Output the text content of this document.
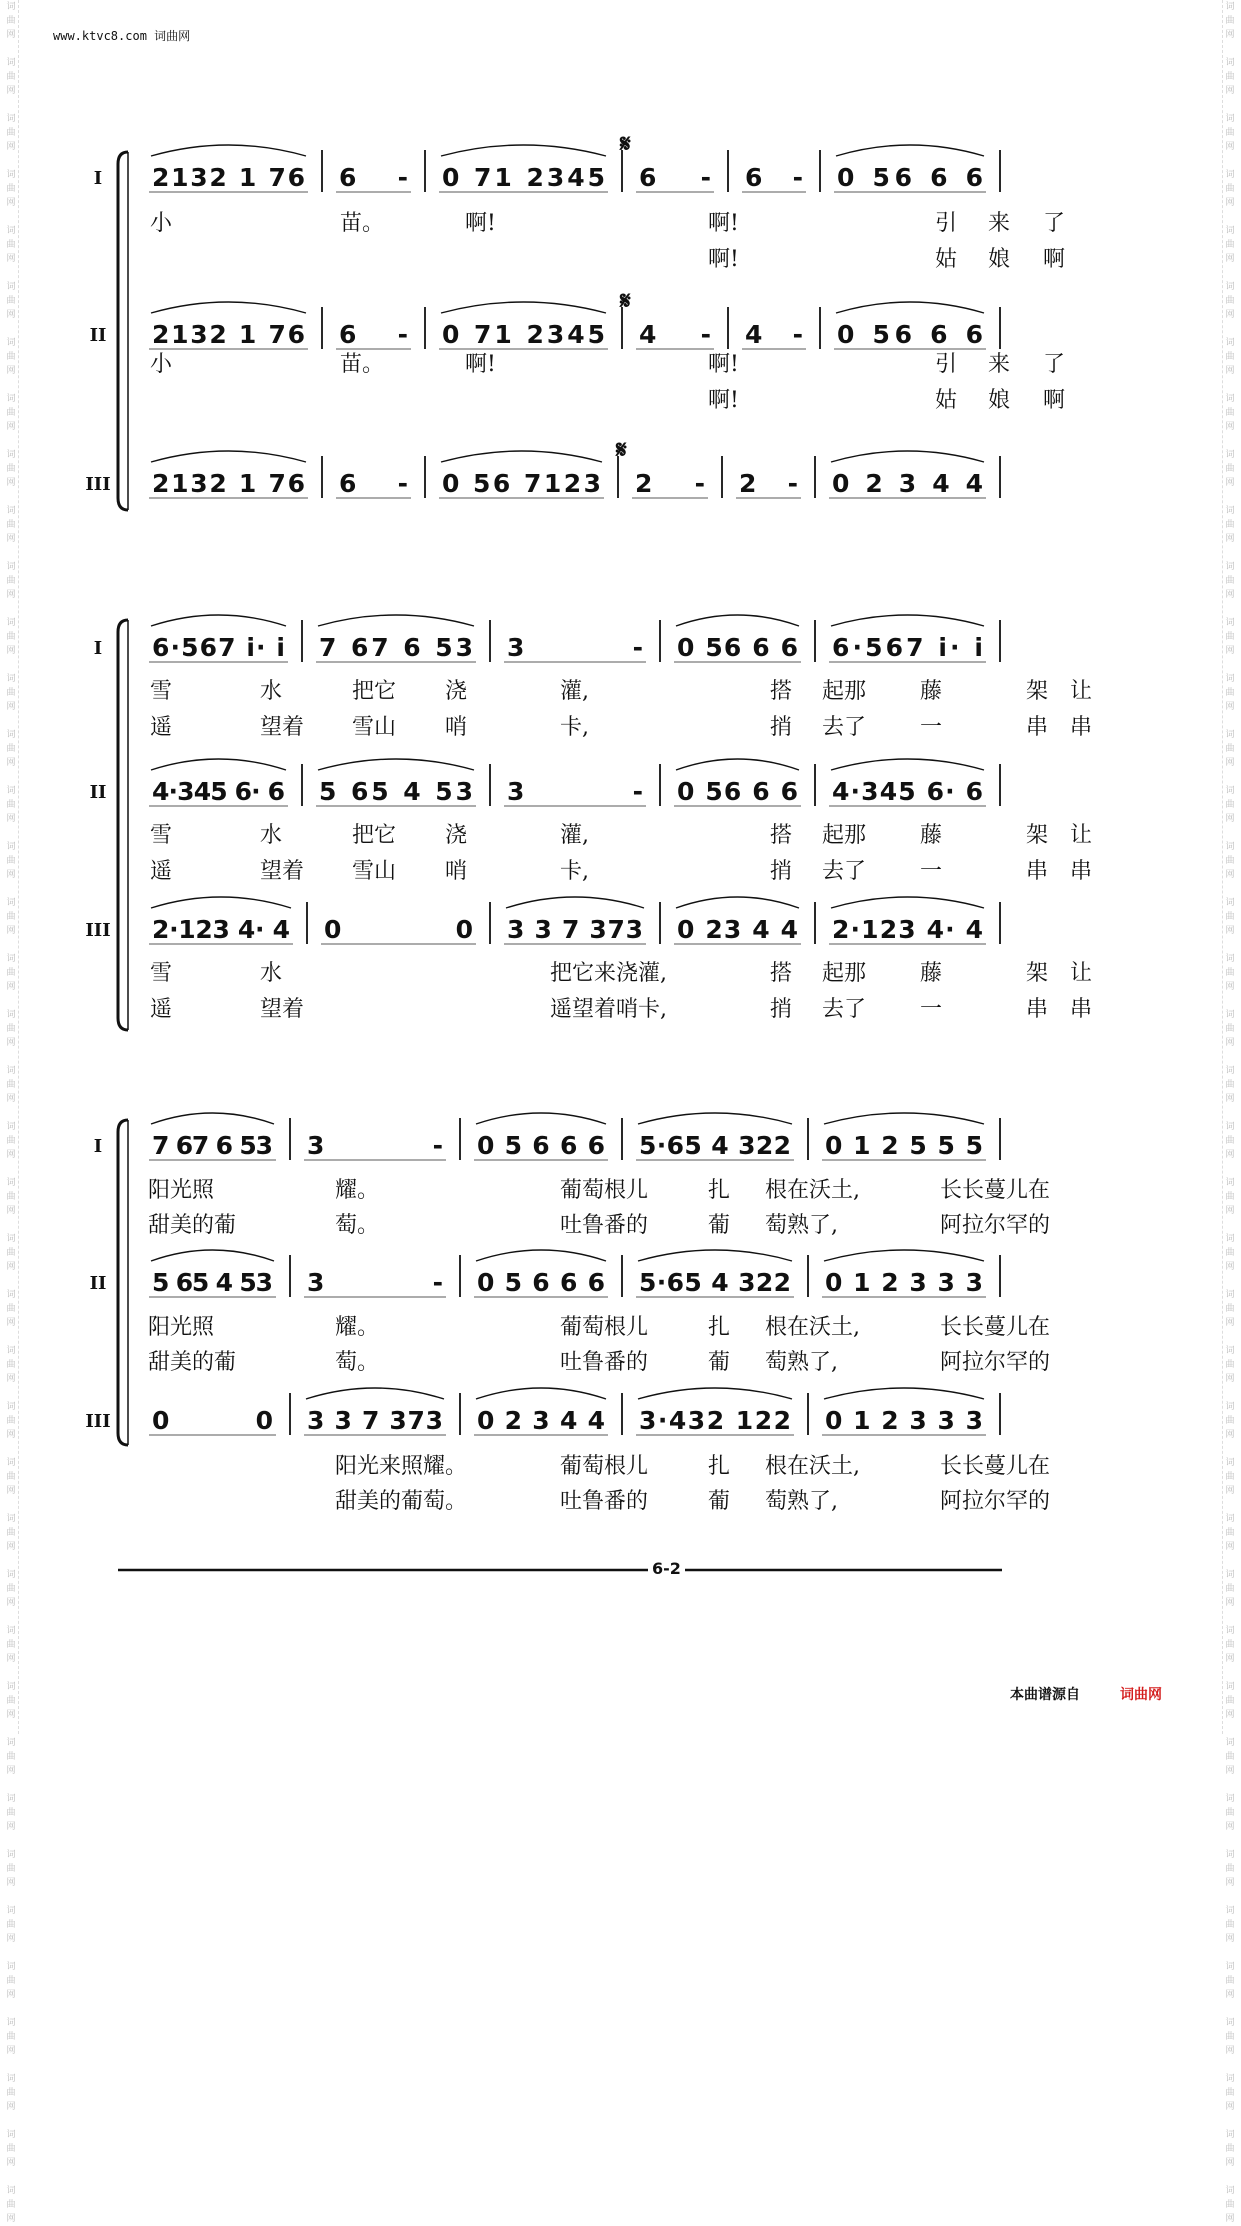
词
曲
网

词
曲
网

词
曲
网

词
曲
网

词
曲
网

词
曲
网

词
曲
网

词
曲
网

词
曲
网

词
曲
网

词
曲
网

词
曲
网

词
曲
网

词
曲
网

词
曲
网

词
曲
网

词
曲
网

词
曲
网

词
曲
网

词
曲
网

词
曲
网

词
曲
网

词
曲
网

词
曲
网

词
曲
网

词
曲
网

词
曲
网

词
曲
网

词
曲
网

词
曲
网

词
曲
网

词
曲
网

词
曲
网

词
曲
网

词
曲
网

词
曲
网

词
曲
网

词
曲
网

词
曲
网

词
曲
网

词
曲
网

词
曲
网

词
曲
网

词
曲
网

词
曲
网

词
曲
网

词
曲
网

词
曲
网

词
曲
网

词
曲
网

词
曲
网

词
曲
网

词
曲
网

词
曲
网

词
曲
网

词
曲
网

词
曲
网

词
曲
网

词
曲
网

词
曲
网

词
曲
网

词
曲
网

词
曲
网

词
曲
网

词
曲
网

词
曲
网

词
曲
网

词
曲
网

词
曲
网

词
曲
网

词
曲
网

词
曲
网

词
曲
网

词
曲
网

词
曲
网

词
曲
网

词
曲
网

词
曲
网

词
曲
网

词
曲
网

www.ktvc8.com 词曲网
I 2132 1 76 6 - 0 71 2345 6 - 6 - 0 56 6 6
𝄋
小	苗。	啊!	啊!	引 来 了
啊!	姑 娘 啊
II 2132 1 76 6 - 0 71 2345 4 - 4 - 0 56 6 6
𝄋
小	苗。	啊!	啊!	引 来 了
啊!	姑 娘 啊
III 2132 1 76 6 - 0 56 7123 2 - 2 - 0 2 3 4 4
𝄋
I 6·567 i· i 7 67 6 53 3 - 0 56 6 6 6·567 i· i
雪	水	把它 浇	灌,	搭 起那 藤	架 让
遥	望着 雪山 哨	卡,	捎 去了 一	串 串
II 4·345 6· 6 5 65 4 53 3 - 0 56 6 6 4·345 6· 6
雪	水	把它 浇	灌,	搭 起那 藤	架 让
遥	望着 雪山 哨	卡,	捎 去了 一	串 串
III 2·123 4· 4 0 0 3 3 7 373 0 23 4 4 2·123 4· 4
雪	水	把它来浇灌,	搭 起那 藤	架 让
遥	望着	遥望着哨卡,	捎 去了 一	串 串
I 7 67 6 53 3 - 0 5 6 6 6 5·65 4 322 0 1 2 5 5 5
阳光照	耀。	葡萄根儿	扎 根在沃土,	长长蔓儿在
甜美的葡	萄。	吐鲁番的	葡 萄熟了,	阿拉尔罕的
II 5 65 4 53 3 - 0 5 6 6 6 5·65 4 322 0 1 2 3 3 3
阳光照	耀。	葡萄根儿	扎 根在沃土,	长长蔓儿在
甜美的葡	萄。	吐鲁番的	葡 萄熟了,	阿拉尔罕的
III 0 0 3 3 7 373 0 2 3 4 4 3·432 122 0 1 2 3 3 3
阳光来照耀。	葡萄根儿	扎 根在沃土,	长长蔓儿在
甜美的葡萄。	吐鲁番的	葡 萄熟了,	阿拉尔罕的
6-2
本曲谱源自	词曲网
